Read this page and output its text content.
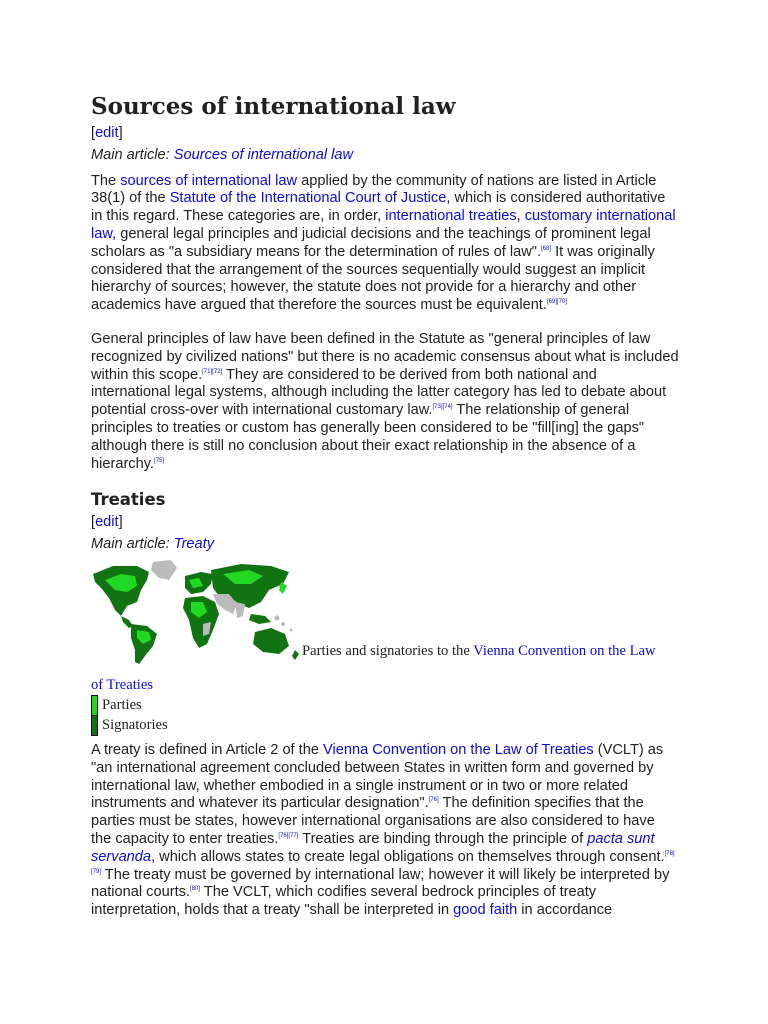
Sources of international law
[edit]
Main article: Sources of international law

The sources of international law applied by the community of nations are listed in Article 38(1) of the Statute of the International Court of Justice, which is considered authoritative in this regard. These categories are, in order, international treaties, customary international law, general legal principles and judicial decisions and the teachings of prominent legal scholars as "a subsidiary means for the determination of rules of law".[68] It was originally considered that the arrangement of the sources sequentially would suggest an implicit hierarchy of sources; however, the statute does not provide for a hierarchy and other academics have argued that therefore the sources must be equivalent.[69][70]

General principles of law have been defined in the Statute as "general principles of law recognized by civilized nations" but there is no academic consensus about what is included within this scope.[71][72] They are considered to be derived from both national and international legal systems, although including the latter category has led to debate about potential cross-over with international customary law.[73][74] The relationship of general principles to treaties or custom has generally been considered to be "fill[ing] the gaps" although there is still no conclusion about their exact relationship in the absence of a hierarchy.[75]

Treaties
[edit]
Main article: Treaty
Parties and signatories to the Vienna Convention on the Law
of Treaties
Parties
Signatories

A treaty is defined in Article 2 of the Vienna Convention on the Law of Treaties (VCLT) as "an international agreement concluded between States in written form and governed by international law, whether embodied in a single instrument or in two or more related instruments and whatever its particular designation".[76] The definition specifies that the parties must be states, however international organisations are also considered to have the capacity to enter treaties.[76][77] Treaties are binding through the principle of pacta sunt servanda, which allows states to create legal obligations on themselves through consent.[78][79] The treaty must be governed by international law; however it will likely be interpreted by national courts.[80] The VCLT, which codifies several bedrock principles of treaty interpretation, holds that a treaty "shall be interpreted in good faith in accordance
